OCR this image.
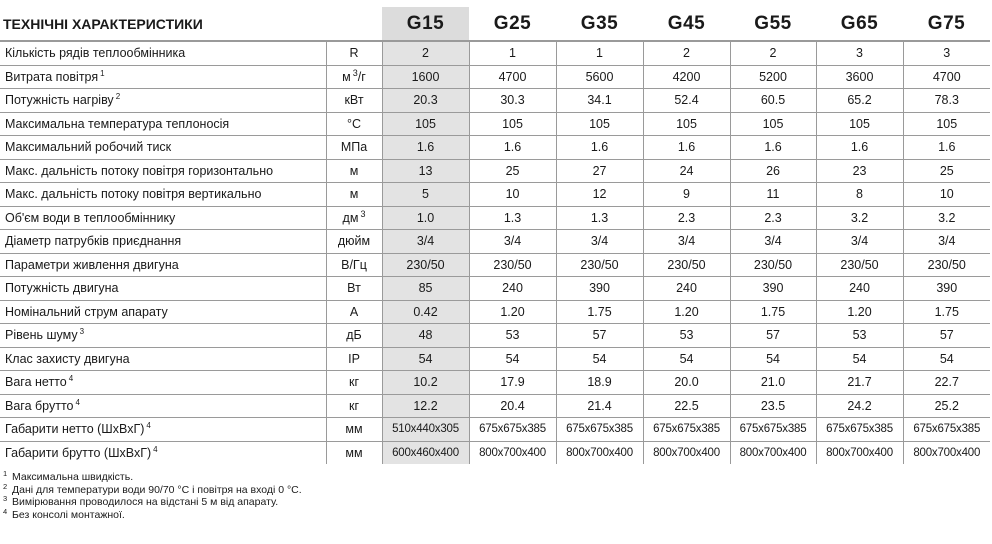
ТЕХНІЧНІ ХАРАКТЕРИСТИКИ		G15	G25	G35	G45	G55	G65	G75
Кількість рядів теплообмінника	R	2	1	1	2	2	3	3
Витрата повітря $^1$	м $^3$/г	1600	4700	5600	4200	5200	3600	4700
Потужність нагріву $^2$	кВт	20.3	30.3	34.1	52.4	60.5	65.2	78.3
Максимальна температура теплоносія	°С	105	105	105	105	105	105	105
Максимальний робочий тиск	МПа	1.6	1.6	1.6	1.6	1.6	1.6	1.6
Макс. дальність потоку повітря горизонтально	м	13	25	27	24	26	23	25
Макс. дальність потоку повітря вертикально	м	5	10	12	9	11	8	10
Об'єм води в теплообміннику	дм $^3$	1.0	1.3	1.3	2.3	2.3	3.2	3.2
Діаметр патрубків приєднання	дюйм	3/4	3/4	3/4	3/4	3/4	3/4	3/4
Параметри живлення двигуна	В/Гц	230/50	230/50	230/50	230/50	230/50	230/50	230/50
Потужність двигуна	Вт	85	240	390	240	390	240	390
Номінальний струм апарату	А	0.42	1.20	1.75	1.20	1.75	1.20	1.75
Рівень шуму $^3$	дБ	48	53	57	53	57	53	57
Клас захисту двигуна	IP	54	54	54	54	54	54	54
Вага нетто $^4$	кг	10.2	17.9	18.9	20.0	21.0	21.7	22.7
Вага брутто $^4$	кг	12.2	20.4	21.4	22.5	23.5	24.2	25.2
Габарити нетто (ШхВхГ) $^4$	мм	510x440x305	675x675x385	675x675x385	675x675x385	675x675x385	675x675x385	675x675x385
Габарити брутто (ШхВхГ) $^4$	мм	600x460x400	800x700x400	800x700x400	800x700x400	800x700x400	800x700x400	800x700x400
1 Максимальна швидкість.
2 Дані для температури води 90/70 °С і повітря на вході 0 °С.
3 Вимірювання проводилося на відстані 5 м від апарату.
4 Без консолі монтажної.
